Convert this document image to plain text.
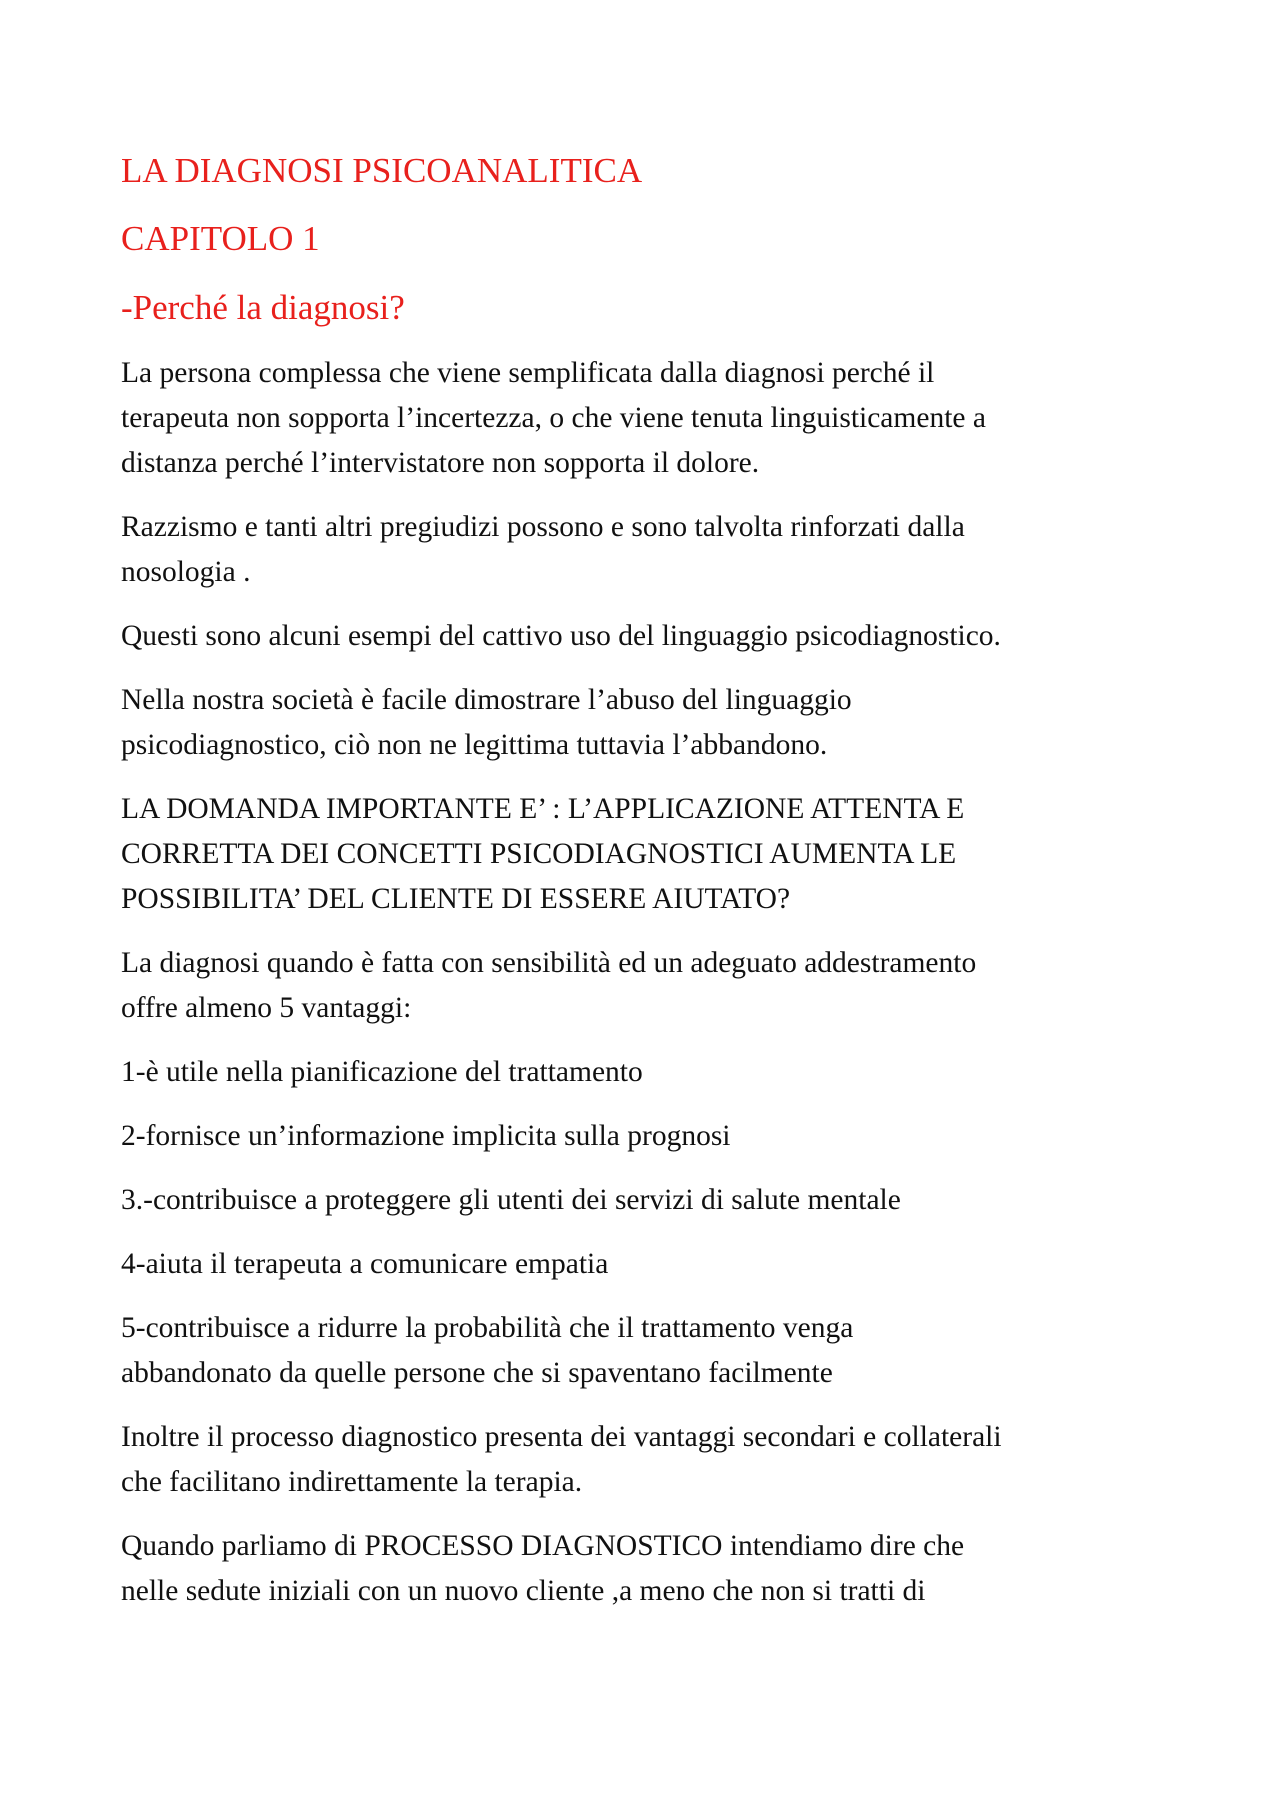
LA DIAGNOSI PSICOANALITICA
CAPITOLO 1
-Perché la diagnosi?

La persona complessa che viene semplificata dalla diagnosi perché il
terapeuta non sopporta l’incertezza, o che viene tenuta linguisticamente a
distanza perché l’intervistatore non sopporta il dolore.

Razzismo e tanti altri pregiudizi possono e sono talvolta rinforzati dalla
nosologia .

Questi sono alcuni esempi del cattivo uso del linguaggio psicodiagnostico.

Nella nostra società è facile dimostrare l’abuso del linguaggio
psicodiagnostico, ciò non ne legittima tuttavia l’abbandono.

LA DOMANDA IMPORTANTE E’ : L’APPLICAZIONE ATTENTA E
CORRETTA DEI CONCETTI PSICODIAGNOSTICI AUMENTA LE
POSSIBILITA’ DEL CLIENTE DI ESSERE AIUTATO?

La diagnosi quando è fatta con sensibilità ed un adeguato addestramento
offre almeno 5 vantaggi:

1-è utile nella pianificazione del trattamento

2-fornisce un’informazione implicita sulla prognosi

3.-contribuisce a proteggere gli utenti dei servizi di salute mentale

4-aiuta il terapeuta a comunicare empatia

5-contribuisce a ridurre la probabilità che il trattamento venga
abbandonato da quelle persone che si spaventano facilmente

Inoltre il processo diagnostico presenta dei vantaggi secondari e collaterali
che facilitano indirettamente la terapia.

Quando parliamo di PROCESSO DIAGNOSTICO intendiamo dire che
nelle sedute iniziali con un nuovo cliente ,a meno che non si tratti di
